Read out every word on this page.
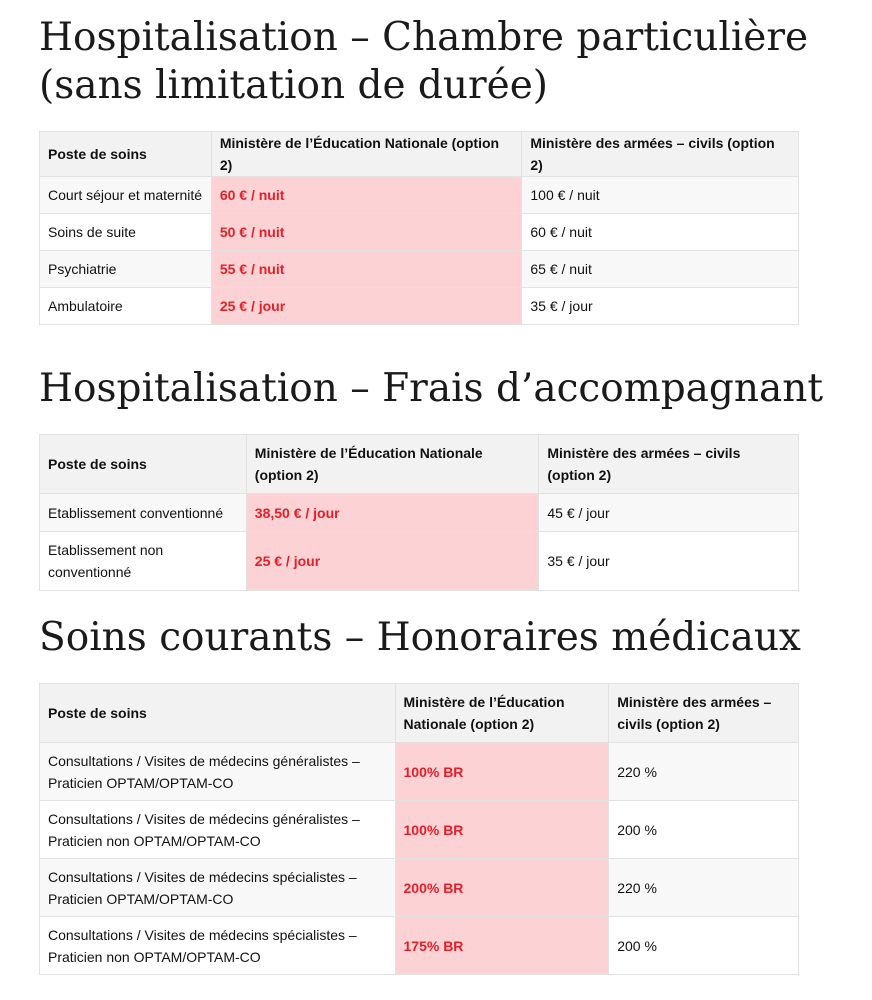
Hospitalisation – Chambre particulière (sans limitation de durée)
Poste de soins	Ministère de l’Éducation Nationale (option 2)	Ministère des armées – civils (option 2)
Court séjour et maternité	60 € / nuit	100 € / nuit
Soins de suite	50 € / nuit	60 € / nuit
Psychiatrie	55 € / nuit	65 € / nuit
Ambulatoire	25 € / jour	35 € / jour
Hospitalisation – Frais d’accompagnant
Poste de soins	Ministère de l’Éducation Nationale (option 2)	Ministère des armées – civils (option 2)
Etablissement conventionné	38,50 € / jour	45 € / jour
Etablissement non conventionné	25 € / jour	35 € / jour
Soins courants – Honoraires médicaux
Poste de soins	Ministère de l’Éducation Nationale (option 2)	Ministère des armées – civils (option 2)
Consultations / Visites de médecins généralistes – Praticien OPTAM/OPTAM-CO	100% BR	220 %
Consultations / Visites de médecins généralistes – Praticien non OPTAM/OPTAM-CO	100% BR	200 %
Consultations / Visites de médecins spécialistes – Praticien OPTAM/OPTAM-CO	200% BR	220 %
Consultations / Visites de médecins spécialistes – Praticien non OPTAM/OPTAM-CO	175% BR	200 %
